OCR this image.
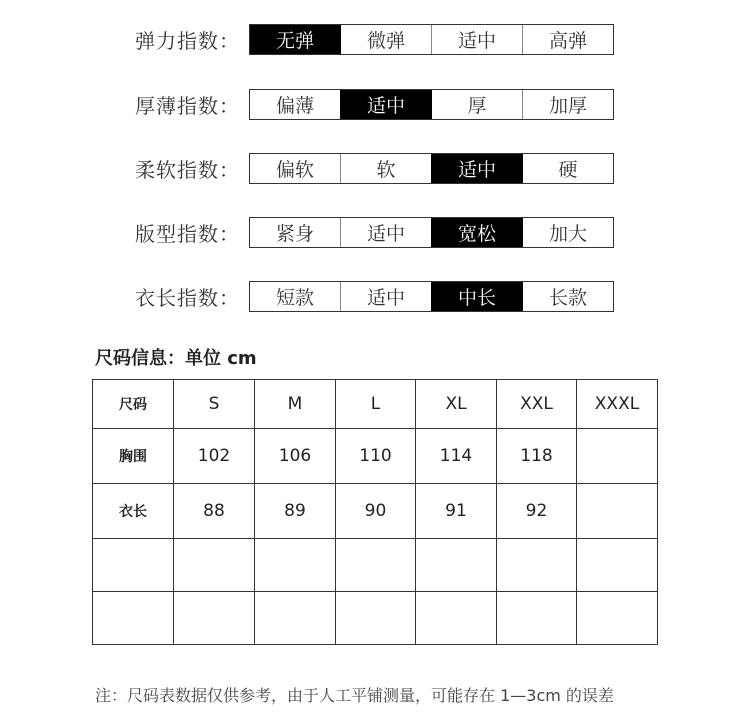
弹力指数：	无弹	微弹	适中	高弹
厚薄指数：	偏薄	适中	厚	加厚
柔软指数：	偏软	软	适中	硬
版型指数：	紧身	适中	宽松	加大
衣长指数：	短款	适中	中长	长款
尺码信息：单位 cm
尺码	S	M	L	XL	XXL	XXXL
胸围	102	106	110	114	118	
衣长	88	89	90	91	92	

注：尺码表数据仅供参考，由于人工平铺测量，可能存在 1—3cm 的误差
